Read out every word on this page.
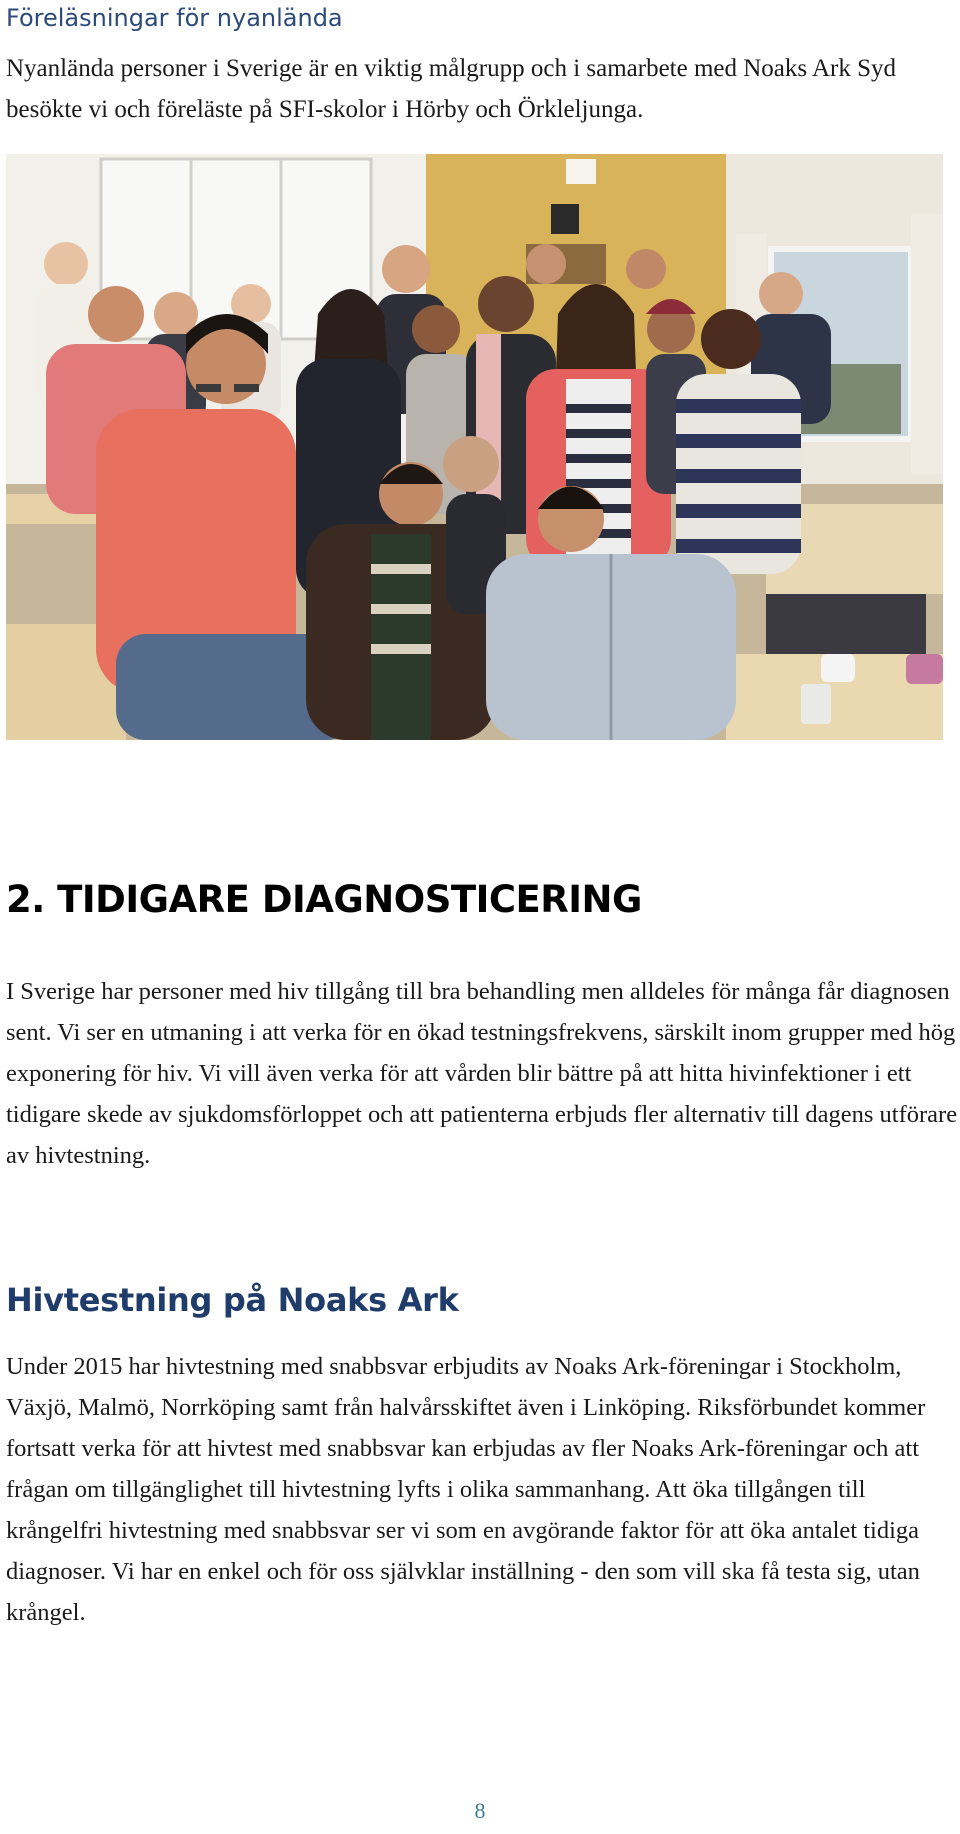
Föreläsningar för nyanlända

Nyanlända personer i Sverige är en viktig målgrupp och i samarbete med Noaks Ark Syd besökte vi och föreläste på SFI-skolor i Hörby och Örkleljunga.

2. TIDIGARE DIAGNOSTICERING

I Sverige har personer med hiv tillgång till bra behandling men alldeles för många får diagnosen sent. Vi ser en utmaning i att verka för en ökad testningsfrekvens, särskilt inom grupper med hög exponering för hiv. Vi vill även verka för att vården blir bättre på att hitta hivinfektioner i ett tidigare skede av sjukdomsförloppet och att patienterna erbjuds fler alternativ till dagens utförare av hivtestning.

Hivtestning på Noaks Ark

Under 2015 har hivtestning med snabbsvar erbjudits av Noaks Ark-föreningar i Stockholm, Växjö, Malmö, Norrköping samt från halvårsskiftet även i Linköping. Riksförbundet kommer fortsatt verka för att hivtest med snabbsvar kan erbjudas av fler Noaks Ark-föreningar och att frågan om tillgänglighet till hivtestning lyfts i olika sammanhang. Att öka tillgången till krångelfri hivtestning med snabbsvar ser vi som en avgörande faktor för att öka antalet tidiga diagnoser. Vi har en enkel och för oss självklar inställning - den som vill ska få testa sig, utan krångel.

8
